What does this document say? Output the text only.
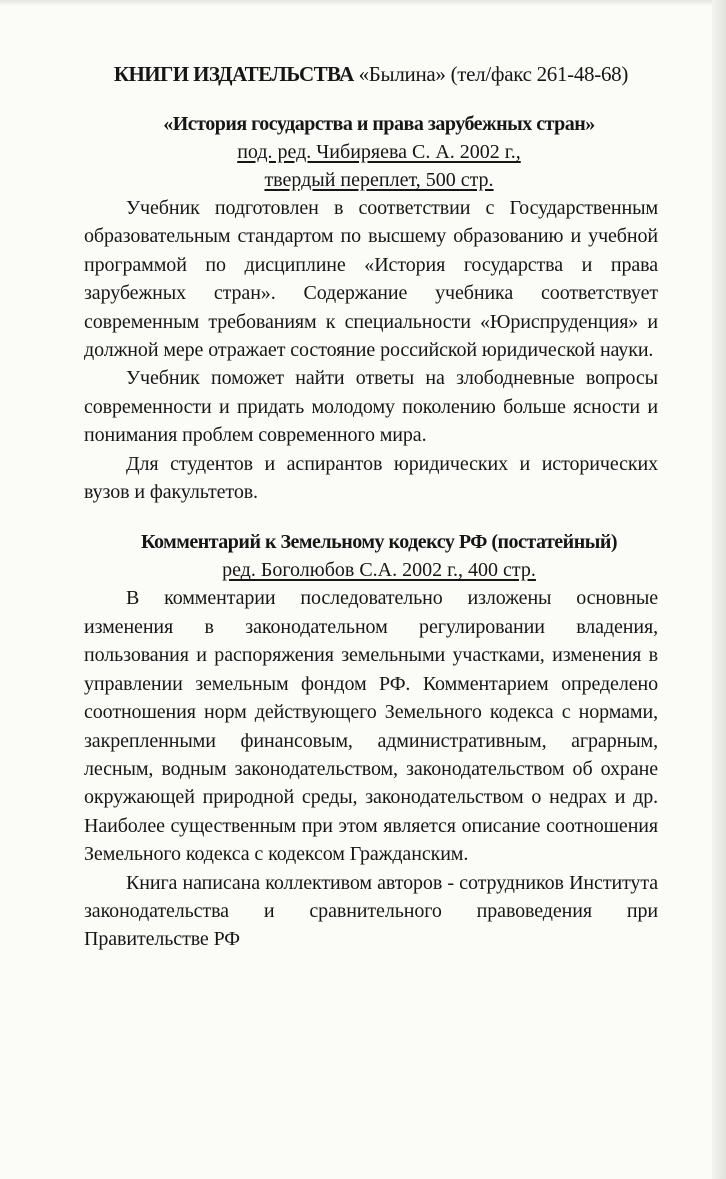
КНИГИ ИЗДАТЕЛЬСТВА «Былина» (тел/факс 261-48-68)

«История государства и права зарубежных стран»

под. ред. Чибиряева С. А. 2002 г.,

твердый переплет, 500 стр.

Учебник подготовлен в соответствии с Государственным образовательным стандартом по высшему образованию и учебной программой по дисциплине «История государства и права зарубежных стран». Содержание учебника соответствует современным требованиям к специальности «Юриспруденция» и должной мере отражает состояние российской юридической науки.

Учебник поможет найти ответы на злободневные вопросы современности и придать молодому поколению больше ясности и понимания проблем современного мира.

Для студентов и аспирантов юридических и исторических вузов и факультетов.

Комментарий к Земельному кодексу РФ (постатейный)

ред. Боголюбов С.А. 2002 г., 400 стр.

В комментарии последовательно изложены основные изменения в законодательном регулировании владения, пользования и распоряжения земельными участками, изменения в управлении земельным фондом РФ. Комментарием определено соотношения норм действующего Земельного кодекса с нормами, закрепленными финансовым, административным, аграрным, лесным, водным законодательством, законодательством об охране окружающей природной среды, законодательством о недрах и др. Наиболее существенным при этом является описание соотношения Земельного кодекса с кодексом Гражданским.

Книга написана коллективом авторов - сотрудников Института законодательства и сравнительного правоведения при Правительстве РФ
